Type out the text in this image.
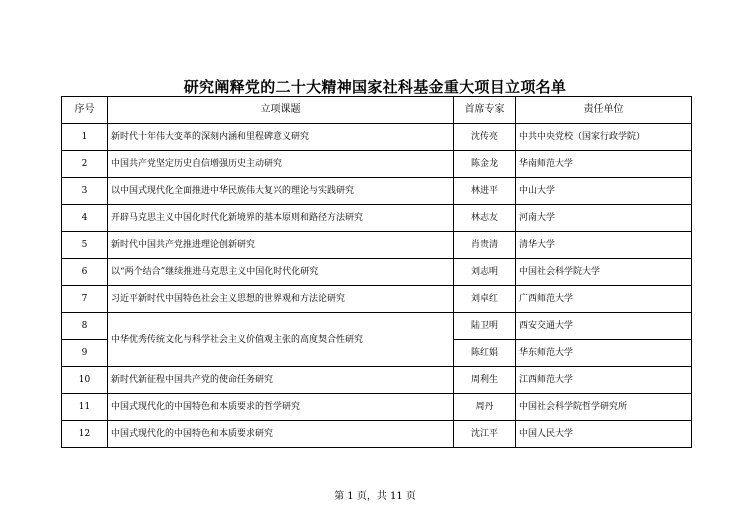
研究阐释党的二十大精神国家社科基金重大项目立项名单
序号	立项课题	首席专家	责任单位
1	新时代十年伟大变革的深刻内涵和里程碑意义研究	沈传亮	中共中央党校（国家行政学院）
2	中国共产党坚定历史自信增强历史主动研究	陈金龙	华南师范大学
3	以中国式现代化全面推进中华民族伟大复兴的理论与实践研究	林进平	中山大学
4	开辟马克思主义中国化时代化新境界的基本原则和路径方法研究	林志友	河南大学
5	新时代中国共产党推进理论创新研究	肖贵清	清华大学
6	以“两个结合”继续推进马克思主义中国化时代化研究	刘志明	中国社会科学院大学
7	习近平新时代中国特色社会主义思想的世界观和方法论研究	刘卓红	广西师范大学
8	中华优秀传统文化与科学社会主义价值观主张的高度契合性研究	陆卫明	西安交通大学
9		陈红娟	华东师范大学
10	新时代新征程中国共产党的使命任务研究	周利生	江西师范大学
11	中国式现代化的中国特色和本质要求的哲学研究	周丹	中国社会科学院哲学研究所
12	中国式现代化的中国特色和本质要求研究	沈江平	中国人民大学
第 1 页，共 11 页
